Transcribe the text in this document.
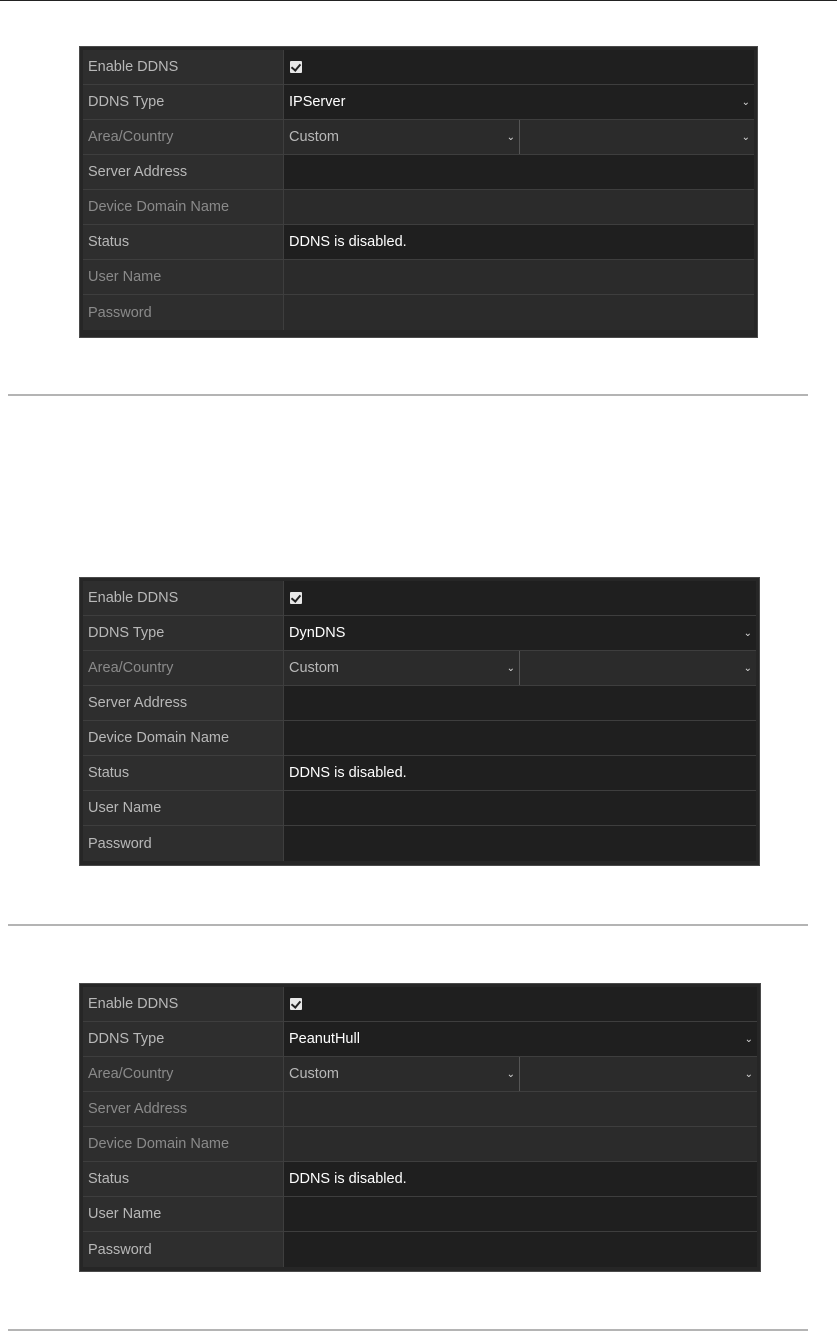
Enable DDNS
DDNS Type	IPServer	⌄
Area/Country	Custom	⌄	⌄
Server Address
Device Domain Name
Status	DDNS is disabled.
User Name
Password
Enable DDNS
DDNS Type	DynDNS	⌄
Area/Country	Custom	⌄	⌄
Server Address
Device Domain Name
Status	DDNS is disabled.
User Name
Password
Enable DDNS
DDNS Type	PeanutHull	⌄
Area/Country	Custom	⌄	⌄
Server Address
Device Domain Name
Status	DDNS is disabled.
User Name
Password
